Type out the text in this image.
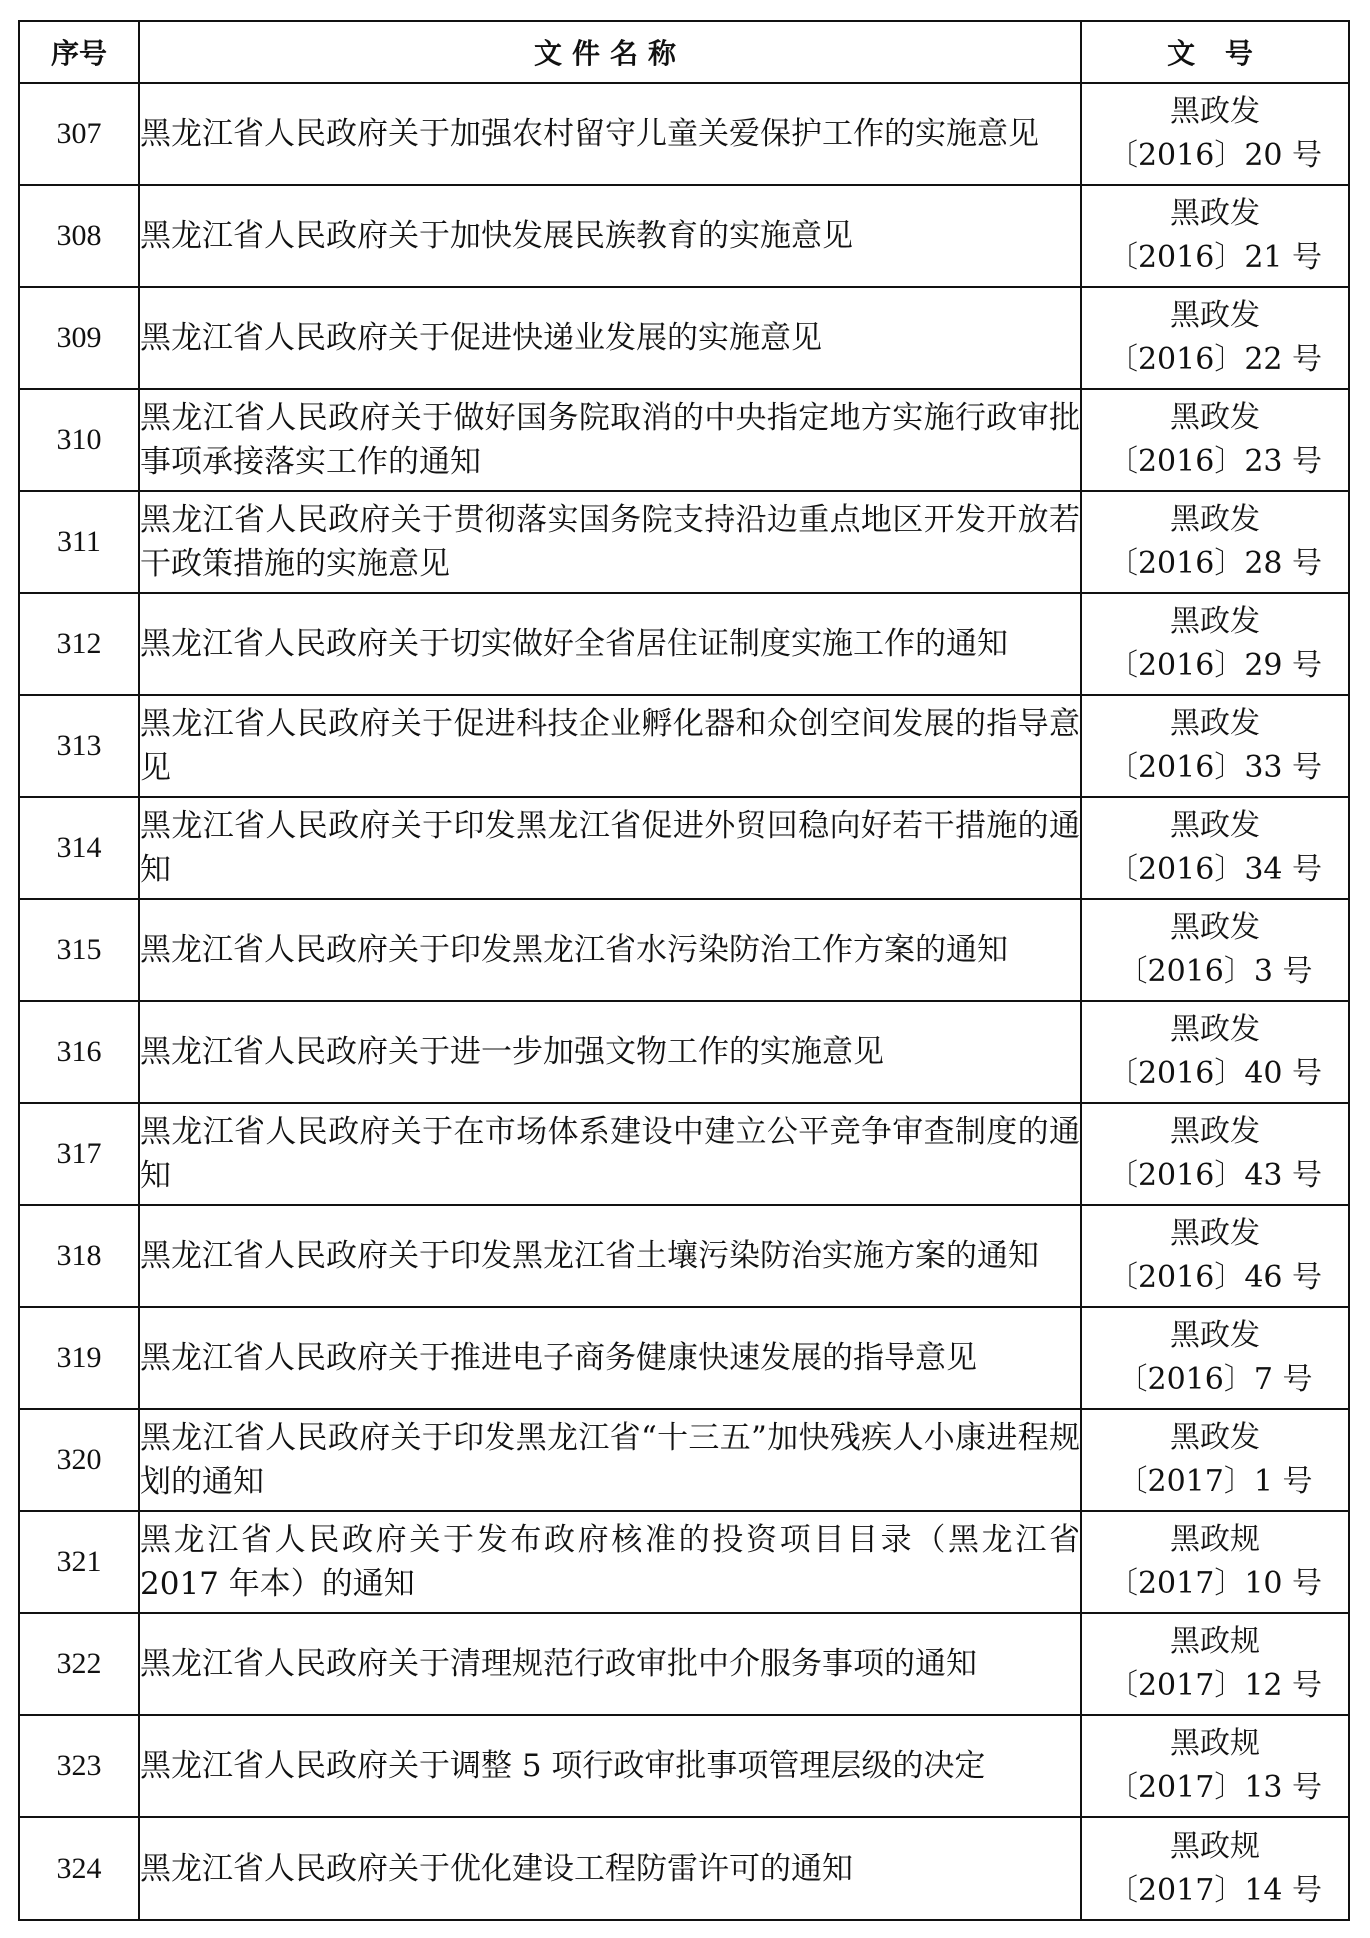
序号	文件名称	文 号
307	黑龙江省人民政府关于加强农村留守儿童关爱保护工作的实施意见	黑政发
〔2016〕20 号

308	黑龙江省人民政府关于加快发展民族教育的实施意见	黑政发
〔2016〕21 号

309	黑龙江省人民政府关于促进快递业发展的实施意见	黑政发
〔2016〕22 号

310	黑龙江省人民政府关于做好国务院取消的中央指定地方实施行政审批事项承接落实工作的通知	黑政发
〔2016〕23 号

311	黑龙江省人民政府关于贯彻落实国务院支持沿边重点地区开发开放若干政策措施的实施意见	黑政发
〔2016〕28 号

312	黑龙江省人民政府关于切实做好全省居住证制度实施工作的通知	黑政发
〔2016〕29 号

313	黑龙江省人民政府关于促进科技企业孵化器和众创空间发展的指导意见	黑政发
〔2016〕33 号

314	黑龙江省人民政府关于印发黑龙江省促进外贸回稳向好若干措施的通知	黑政发
〔2016〕34 号

315	黑龙江省人民政府关于印发黑龙江省水污染防治工作方案的通知	黑政发
〔2016〕3 号

316	黑龙江省人民政府关于进一步加强文物工作的实施意见	黑政发
〔2016〕40 号

317	黑龙江省人民政府关于在市场体系建设中建立公平竞争审查制度的通知	黑政发
〔2016〕43 号

318	黑龙江省人民政府关于印发黑龙江省土壤污染防治实施方案的通知	黑政发
〔2016〕46 号

319	黑龙江省人民政府关于推进电子商务健康快速发展的指导意见	黑政发
〔2016〕7 号

320	黑龙江省人民政府关于印发黑龙江省“十三五”加快残疾人小康进程规划的通知	黑政发
〔2017〕1 号

321	黑龙江省人民政府关于发布政府核准的投资项目目录（黑龙江省 2017 年本）的通知	黑政规
〔2017〕10 号

322	黑龙江省人民政府关于清理规范行政审批中介服务事项的通知	黑政规
〔2017〕12 号

323	黑龙江省人民政府关于调整 5 项行政审批事项管理层级的决定	黑政规
〔2017〕13 号

324	黑龙江省人民政府关于优化建设工程防雷许可的通知	黑政规
〔2017〕14 号
